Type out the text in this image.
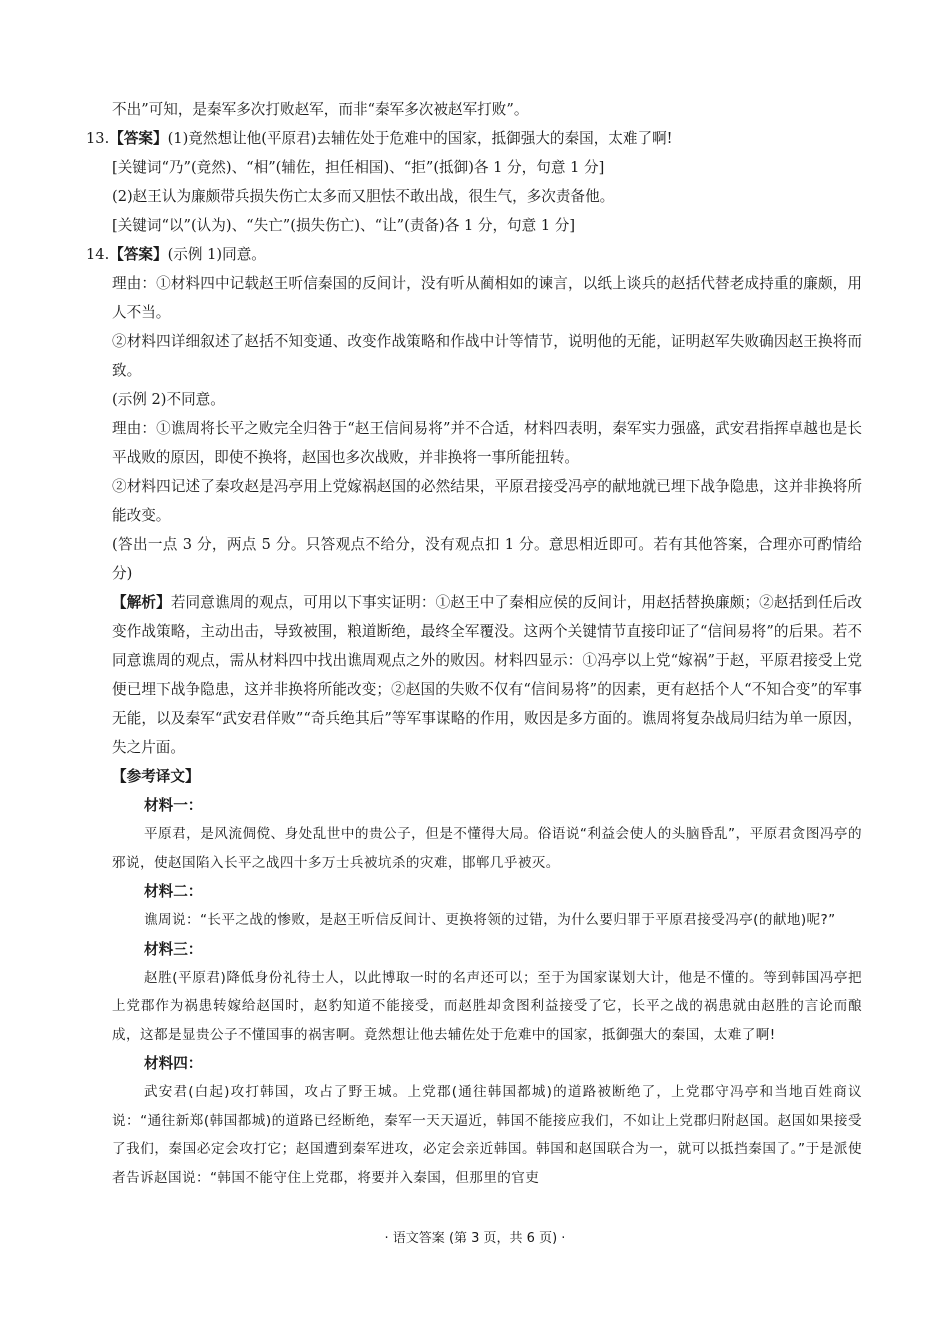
不出”可知，是秦军多次打败赵军，而非“秦军多次被赵军打败”。

13.【答案】(1)竟然想让他(平原君)去辅佐处于危难中的国家，抵御强大的秦国，太难了啊!

[关键词“乃”(竟然)、“相”(辅佐，担任相国)、“拒”(抵御)各 1 分，句意 1 分]

(2)赵王认为廉颇带兵损失伤亡太多而又胆怯不敢出战，很生气，多次责备他。

[关键词“以”(认为)、“失亡”(损失伤亡)、“让”(责备)各 1 分，句意 1 分]

14.【答案】(示例 1)同意。

理由：①材料四中记载赵王听信秦国的反间计，没有听从蔺相如的谏言，以纸上谈兵的赵括代替老成持重的廉颇，用人不当。

②材料四详细叙述了赵括不知变通、改变作战策略和作战中计等情节，说明他的无能，证明赵军失败确因赵王换将而致。

(示例 2)不同意。

理由：①谯周将长平之败完全归咎于“赵王信间易将”并不合适，材料四表明，秦军实力强盛，武安君指挥卓越也是长平战败的原因，即使不换将，赵国也多次战败，并非换将一事所能扭转。

②材料四记述了秦攻赵是冯亭用上党嫁祸赵国的必然结果，平原君接受冯亭的献地就已埋下战争隐患，这并非换将所能改变。

(答出一点 3 分，两点 5 分。只答观点不给分，没有观点扣 1 分。意思相近即可。若有其他答案，合理亦可酌情给分)

【解析】若同意谯周的观点，可用以下事实证明：①赵王中了秦相应侯的反间计，用赵括替换廉颇；②赵括到任后改变作战策略，主动出击，导致被围，粮道断绝，最终全军覆没。这两个关键情节直接印证了“信间易将”的后果。若不同意谯周的观点，需从材料四中找出谯周观点之外的败因。材料四显示：①冯亭以上党“嫁祸”于赵，平原君接受上党便已埋下战争隐患，这并非换将所能改变；②赵国的失败不仅有“信间易将”的因素，更有赵括个人“不知合变”的军事无能，以及秦军“武安君佯败”“奇兵绝其后”等军事谋略的作用，败因是多方面的。谯周将复杂战局归结为单一原因，失之片面。

【参考译文】

材料一：

平原君，是风流倜傥、身处乱世中的贵公子，但是不懂得大局。俗语说“利益会使人的头脑昏乱”，平原君贪图冯亭的邪说，使赵国陷入长平之战四十多万士兵被坑杀的灾难，邯郸几乎被灭。

材料二：

谯周说：“长平之战的惨败，是赵王听信反间计、更换将领的过错，为什么要归罪于平原君接受冯亭(的献地)呢?”

材料三：

赵胜(平原君)降低身份礼待士人，以此博取一时的名声还可以；至于为国家谋划大计，他是不懂的。等到韩国冯亭把上党郡作为祸患转嫁给赵国时，赵豹知道不能接受，而赵胜却贪图利益接受了它，长平之战的祸患就由赵胜的言论而酿成，这都是显贵公子不懂国事的祸害啊。竟然想让他去辅佐处于危难中的国家，抵御强大的秦国，太难了啊!

材料四：

武安君(白起)攻打韩国，攻占了野王城。上党郡(通往韩国都城)的道路被断绝了，上党郡守冯亭和当地百姓商议说：“通往新郑(韩国都城)的道路已经断绝，秦军一天天逼近，韩国不能接应我们，不如让上党郡归附赵国。赵国如果接受了我们，秦国必定会攻打它；赵国遭到秦军进攻，必定会亲近韩国。韩国和赵国联合为一，就可以抵挡秦国了。”于是派使者告诉赵国说：“韩国不能守住上党郡，将要并入秦国，但那里的官吏

· 语文答案 (第 3 页，共 6 页) ·
